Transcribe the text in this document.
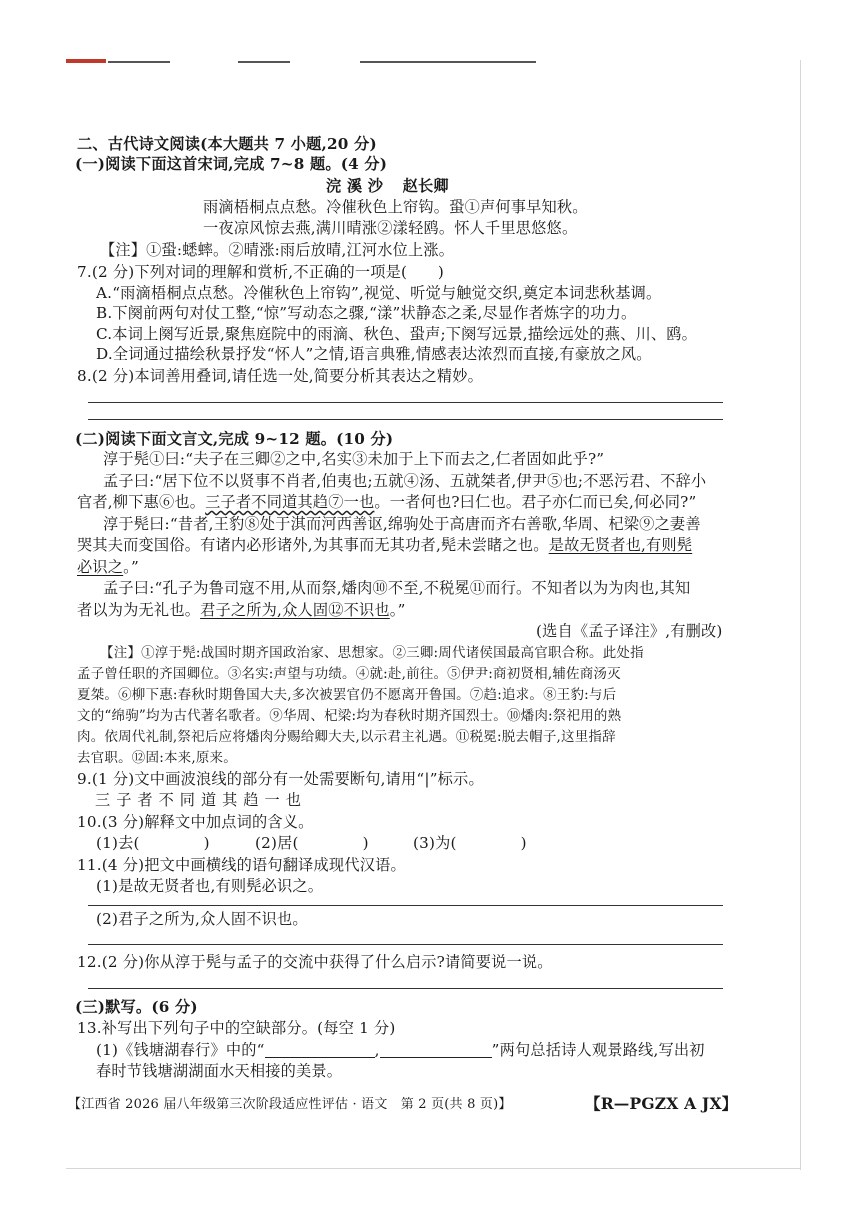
二、古代诗文阅读(本大题共 7 小题,20 分)
(一)阅读下面这首宋词,完成 7~8 题。(4 分)
浣 溪 沙 赵长卿
雨滴梧桐点点愁。冷催秋色上帘钩。蛩①声何事早知秋。
一夜凉风惊去燕,满川晴涨②漾轻鸥。怀人千里思悠悠。
【注】①蛩:蟋蟀。②晴涨:雨后放晴,江河水位上涨。
7.(2 分)下列对词的理解和赏析,不正确的一项是(　　)
A.“雨滴梧桐点点愁。冷催秋色上帘钩”,视觉、听觉与触觉交织,奠定本词悲秋基调。
B.下阕前两句对仗工整,“惊”写动态之骤,“漾”状静态之柔,尽显作者炼字的功力。
C.本词上阕写近景,聚焦庭院中的雨滴、秋色、蛩声;下阕写远景,描绘远处的燕、川、鸥。
D.全词通过描绘秋景抒发“怀人”之情,语言典雅,情感表达浓烈而直接,有豪放之风。
8.(2 分)本词善用叠词,请任选一处,简要分析其表达之精妙。
(二)阅读下面文言文,完成 9~12 题。(10 分)
淳于髡①曰:“夫子在三卿②之中,名实③未加于上下而去之,仁者固如此乎?”
孟子曰:“居下位不以贤事不肖者,伯夷也;五就④汤、五就桀者,伊尹⑤也;不恶污君、不辞小
官者,柳下惠⑥也。三子者不同道其趋⑦一也。一者何也?曰仁也。君子亦仁而已矣,何必同?”
淳于髡曰:“昔者,王豹⑧处于淇而河西善讴,绵驹处于高唐而齐右善歌,华周、杞梁⑨之妻善
哭其夫而变国俗。有诸内必形诸外,为其事而无其功者,髡未尝睹之也。是故无贤者也,有则髡
必识之。”
孟子曰:“孔子为鲁司寇不用,从而祭,燔肉⑩不至,不税冕⑪而行。不知者以为为肉也,其知
者以为为无礼也。君子之所为,众人固⑫不识也。”
(选自《孟子译注》,有删改)
【注】①淳于髡:战国时期齐国政治家、思想家。②三卿:周代诸侯国最高官职合称。此处指
孟子曾任职的齐国卿位。③名实:声望与功绩。④就:赴,前往。⑤伊尹:商初贤相,辅佐商汤灭
夏桀。⑥柳下惠:春秋时期鲁国大夫,多次被罢官仍不愿离开鲁国。⑦趋:追求。⑧王豹:与后
文的“绵驹”均为古代著名歌者。⑨华周、杞梁:均为春秋时期齐国烈士。⑩燔肉:祭祀用的熟
肉。依周代礼制,祭祀后应将燔肉分赐给卿大夫,以示君主礼遇。⑪税冕:脱去帽子,这里指辞
去官职。⑫固:本来,原来。
9.(1 分)文中画波浪线的部分有一处需要断句,请用“|”标示。
三子者不同道其趋一也
10.(3 分)解释文中加点词的含义。
(1)去(	)	(2)居(	)	(3)为(	)
11.(4 分)把文中画横线的语句翻译成现代汉语。
(1)是故无贤者也,有则髡必识之。
(2)君子之所为,众人固不识也。
12.(2 分)你从淳于髡与孟子的交流中获得了什么启示?请简要说一说。
(三)默写。(6 分)
13.补写出下列句子中的空缺部分。(每空 1 分)
(1)《钱塘湖春行》中的“	,	”两句总括诗人观景路线,写出初
春时节钱塘湖湖面水天相接的美景。
【江西省 2026 届八年级第三次阶段适应性评估 · 语文　第 2 页(共 8 页)】	【R—PGZX A JX】
